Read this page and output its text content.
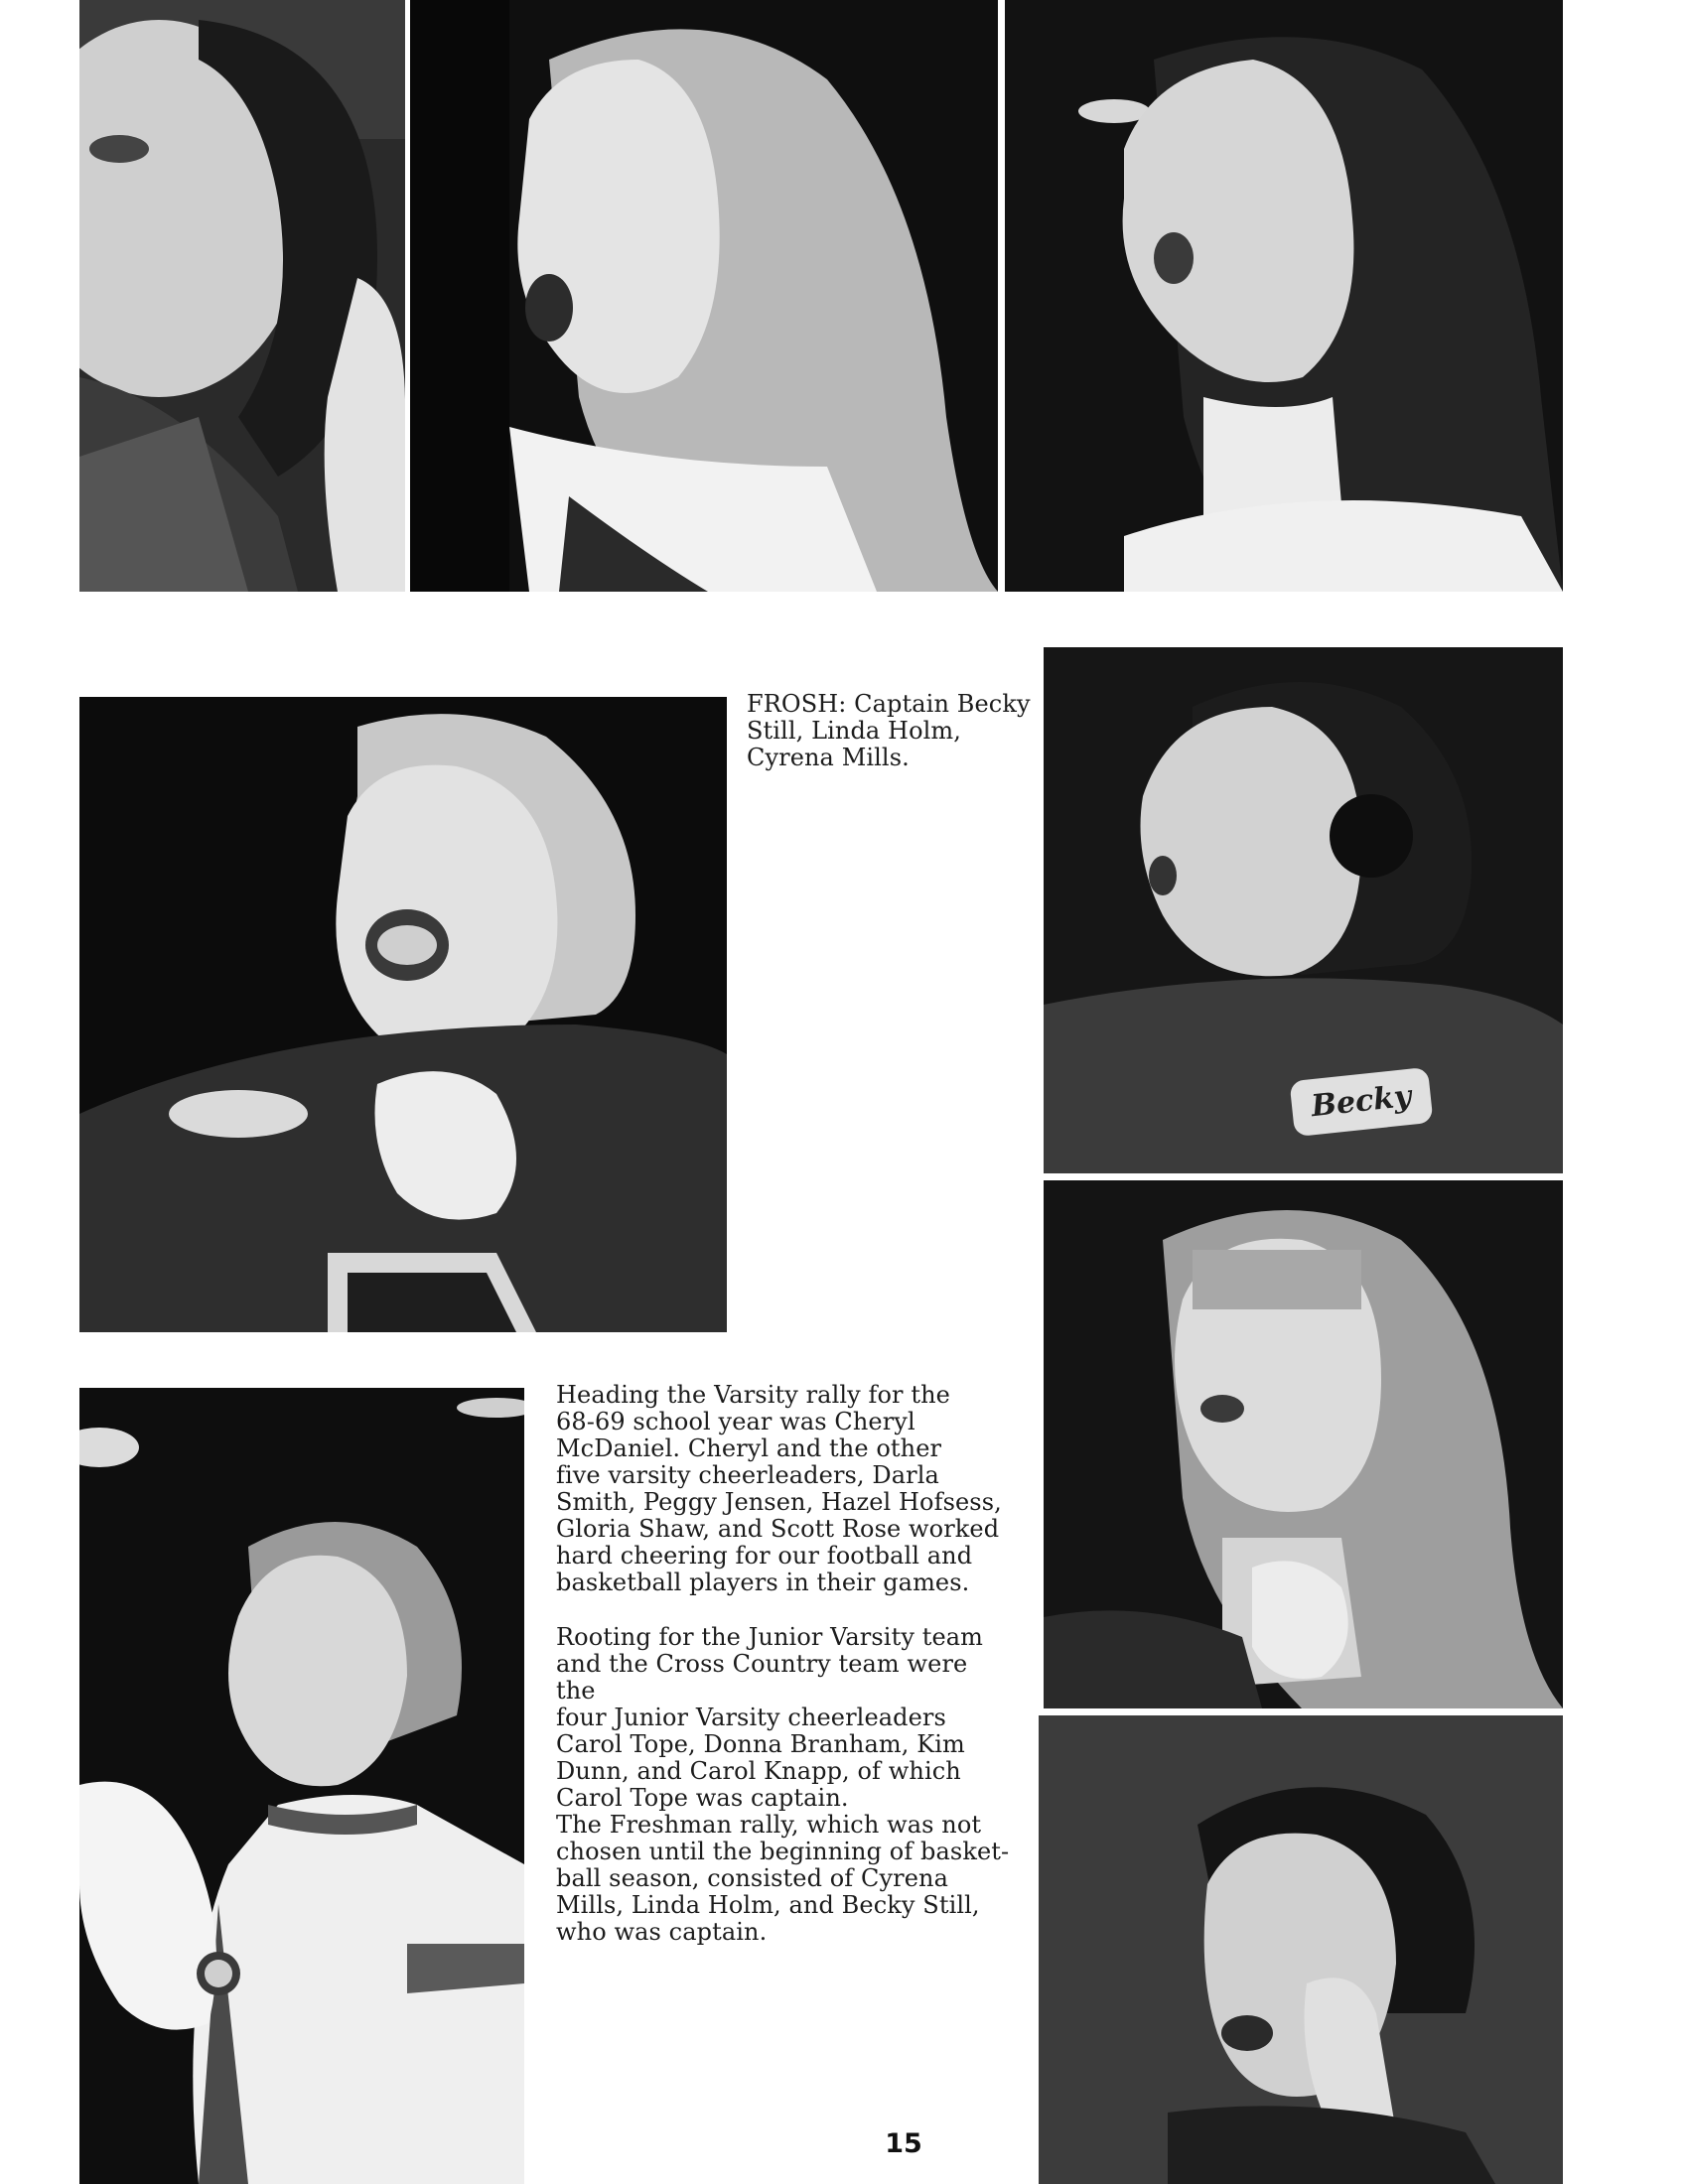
FROSH: Captain Becky
Still, Linda Holm,
Cyrena Mills.
Becky
Heading the Varsity rally for the
68-69 school year was Cheryl
McDaniel. Cheryl and the other
five varsity cheerleaders, Darla
Smith, Peggy Jensen, Hazel Hofsess,
Gloria Shaw, and Scott Rose worked
hard cheering for our football and
basketball players in their games.
Rooting for the Junior Varsity team
and the Cross Country team were the
four Junior Varsity cheerleaders
Carol Tope, Donna Branham, Kim
Dunn, and Carol Knapp, of which
Carol Tope was captain.
The Freshman rally, which was not
chosen until the beginning of basket-
ball season, consisted of Cyrena
Mills, Linda Holm, and Becky Still,
who was captain.
15
